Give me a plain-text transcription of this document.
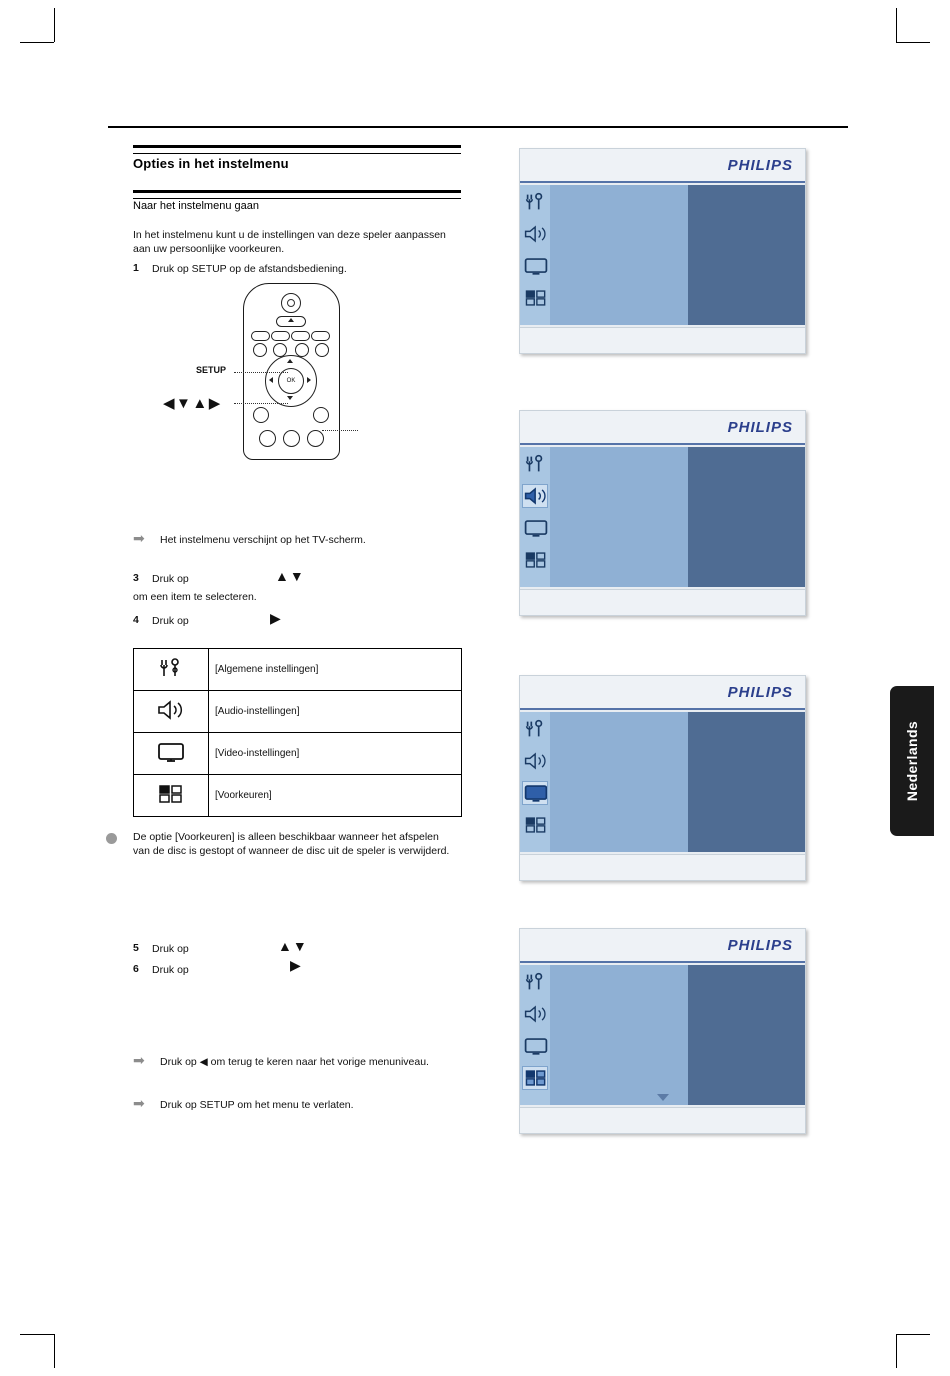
Opties in het instelmenu
Naar het instelmenu gaan
In het instelmenu kunt u de instellingen van deze speler aanpassen aan uw persoonlijke voorkeuren.
1 Druk op SETUP op de afstandsbediening.
OK
SETUP
◀▼▲▶
➡ Het instelmenu verschijnt op het TV-scherm.
3 Druk op	▲▼
om een item te selecteren.
4 Druk op	▶
	[Algemene instellingen]
	[Audio-instellingen]
	[Video-instellingen]
	[Voorkeuren]
De optie [Voorkeuren] is alleen beschikbaar wanneer het afspelen van de disc is gestopt of wanneer de disc uit de speler is verwijderd.
5 Druk op	▲▼
6 Druk op	▶
➡ Druk op ◀ om terug te keren naar het vorige menuniveau.
➡ Druk op SETUP om het menu te verlaten.
PHILIPS
PHILIPS
PHILIPS
PHILIPS
Nederlands
